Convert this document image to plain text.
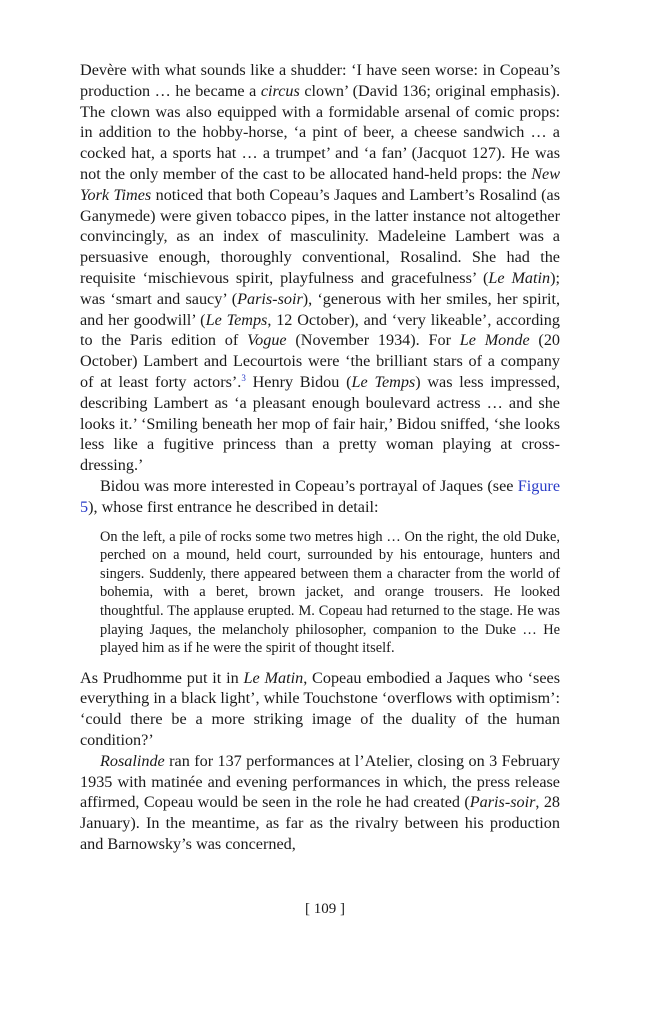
Devère with what sounds like a shudder: ‘I have seen worse: in Copeau’s production … he became a circus clown’ (David 136; original emphasis). The clown was also equipped with a formidable arsenal of comic props: in addition to the hobby-horse, ‘a pint of beer, a cheese sandwich … a cocked hat, a sports hat … a trumpet’ and ‘a fan’ (Jacquot 127). He was not the only member of the cast to be allocated hand-held props: the New York Times noticed that both Copeau’s Jaques and Lambert’s Rosalind (as Ganymede) were given tobacco pipes, in the latter instance not altogether convincingly, as an index of masculinity. Madeleine Lambert was a persuasive enough, thoroughly conventional, Rosalind. She had the requisite ‘mischievous spirit, playfulness and gracefulness’ (Le Matin); was ‘smart and saucy’ (Paris-soir), ‘generous with her smiles, her spirit, and her goodwill’ (Le Temps, 12 October), and ‘very likeable’, according to the Paris edition of Vogue (November 1934). For Le Monde (20 October) Lambert and Lecourtois were ‘the brilliant stars of a company of at least forty actors’.$^3$ Henry Bidou (Le Temps) was less impressed, describing Lambert as ‘a pleasant enough boulevard actress … and she looks it.’ ‘Smiling beneath her mop of fair hair,’ Bidou sniffed, ‘she looks less like a fugitive princess than a pretty woman playing at cross-dressing.’

Bidou was more interested in Copeau’s portrayal of Jaques (see Figure 5), whose first entrance he described in detail:

On the left, a pile of rocks some two metres high … On the right, the old Duke, perched on a mound, held court, surrounded by his entourage, hunters and singers. Suddenly, there appeared between them a character from the world of bohemia, with a beret, brown jacket, and orange trousers. He looked thoughtful. The applause erupted. M. Copeau had returned to the stage. He was playing Jaques, the melancholy philosopher, companion to the Duke … He played him as if he were the spirit of thought itself.

As Prudhomme put it in Le Matin, Copeau embodied a Jaques who ‘sees everything in a black light’, while Touchstone ‘overflows with optimism’: ‘could there be a more striking image of the duality of the human condition?’

Rosalinde ran for 137 performances at l’Atelier, closing on 3 February 1935 with matinée and evening performances in which, the press release affirmed, Copeau would be seen in the role he had created (Paris-soir, 28 January). In the meantime, as far as the rivalry between his production and Barnowsky’s was concerned,

[ 109 ]
